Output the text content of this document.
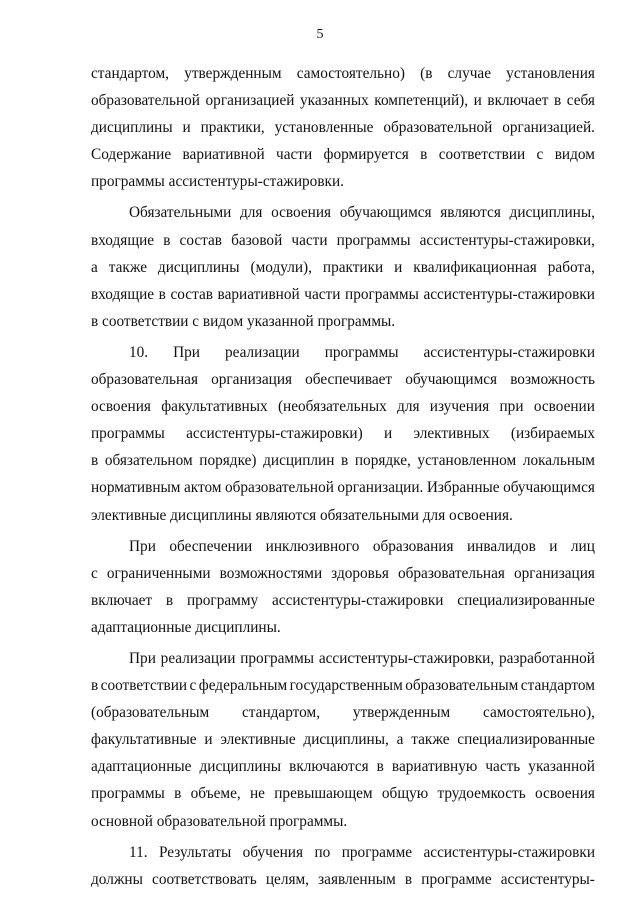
5
стандартом, утвержденным самостоятельно) (в случае установления
образовательной организацией указанных компетенций), и включает в себя
дисциплины и практики, установленные образовательной организацией.
Содержание вариативной части формируется в соответствии с видом
программы ассистентуры-стажировки.
Обязательными для освоения обучающимся являются дисциплины,
входящие в состав базовой части программы ассистентуры-стажировки,
а также дисциплины (модули), практики и квалификационная работа,
входящие в состав вариативной части программы ассистентуры-стажировки
в соответствии с видом указанной программы.
10. При реализации программы ассистентуры-стажировки
образовательная организация обеспечивает обучающимся возможность
освоения факультативных (необязательных для изучения при освоении
программы ассистентуры-стажировки) и элективных (избираемых
в обязательном порядке) дисциплин в порядке, установленном локальным
нормативным актом образовательной организации. Избранные обучающимся
элективные дисциплины являются обязательными для освоения.
При обеспечении инклюзивного образования инвалидов и лиц
с ограниченными возможностями здоровья образовательная организация
включает в программу ассистентуры-стажировки специализированные
адаптационные дисциплины.
При реализации программы ассистентуры-стажировки, разработанной
в соответствии с федеральным государственным образовательным стандартом
(образовательным стандартом, утвержденным самостоятельно),
факультативные и элективные дисциплины, а также специализированные
адаптационные дисциплины включаются в вариативную часть указанной
программы в объеме, не превышающем общую трудоемкость освоения
основной образовательной программы.
11. Результаты обучения по программе ассистентуры-стажировки
должны соответствовать целям, заявленным в программе ассистентуры-
